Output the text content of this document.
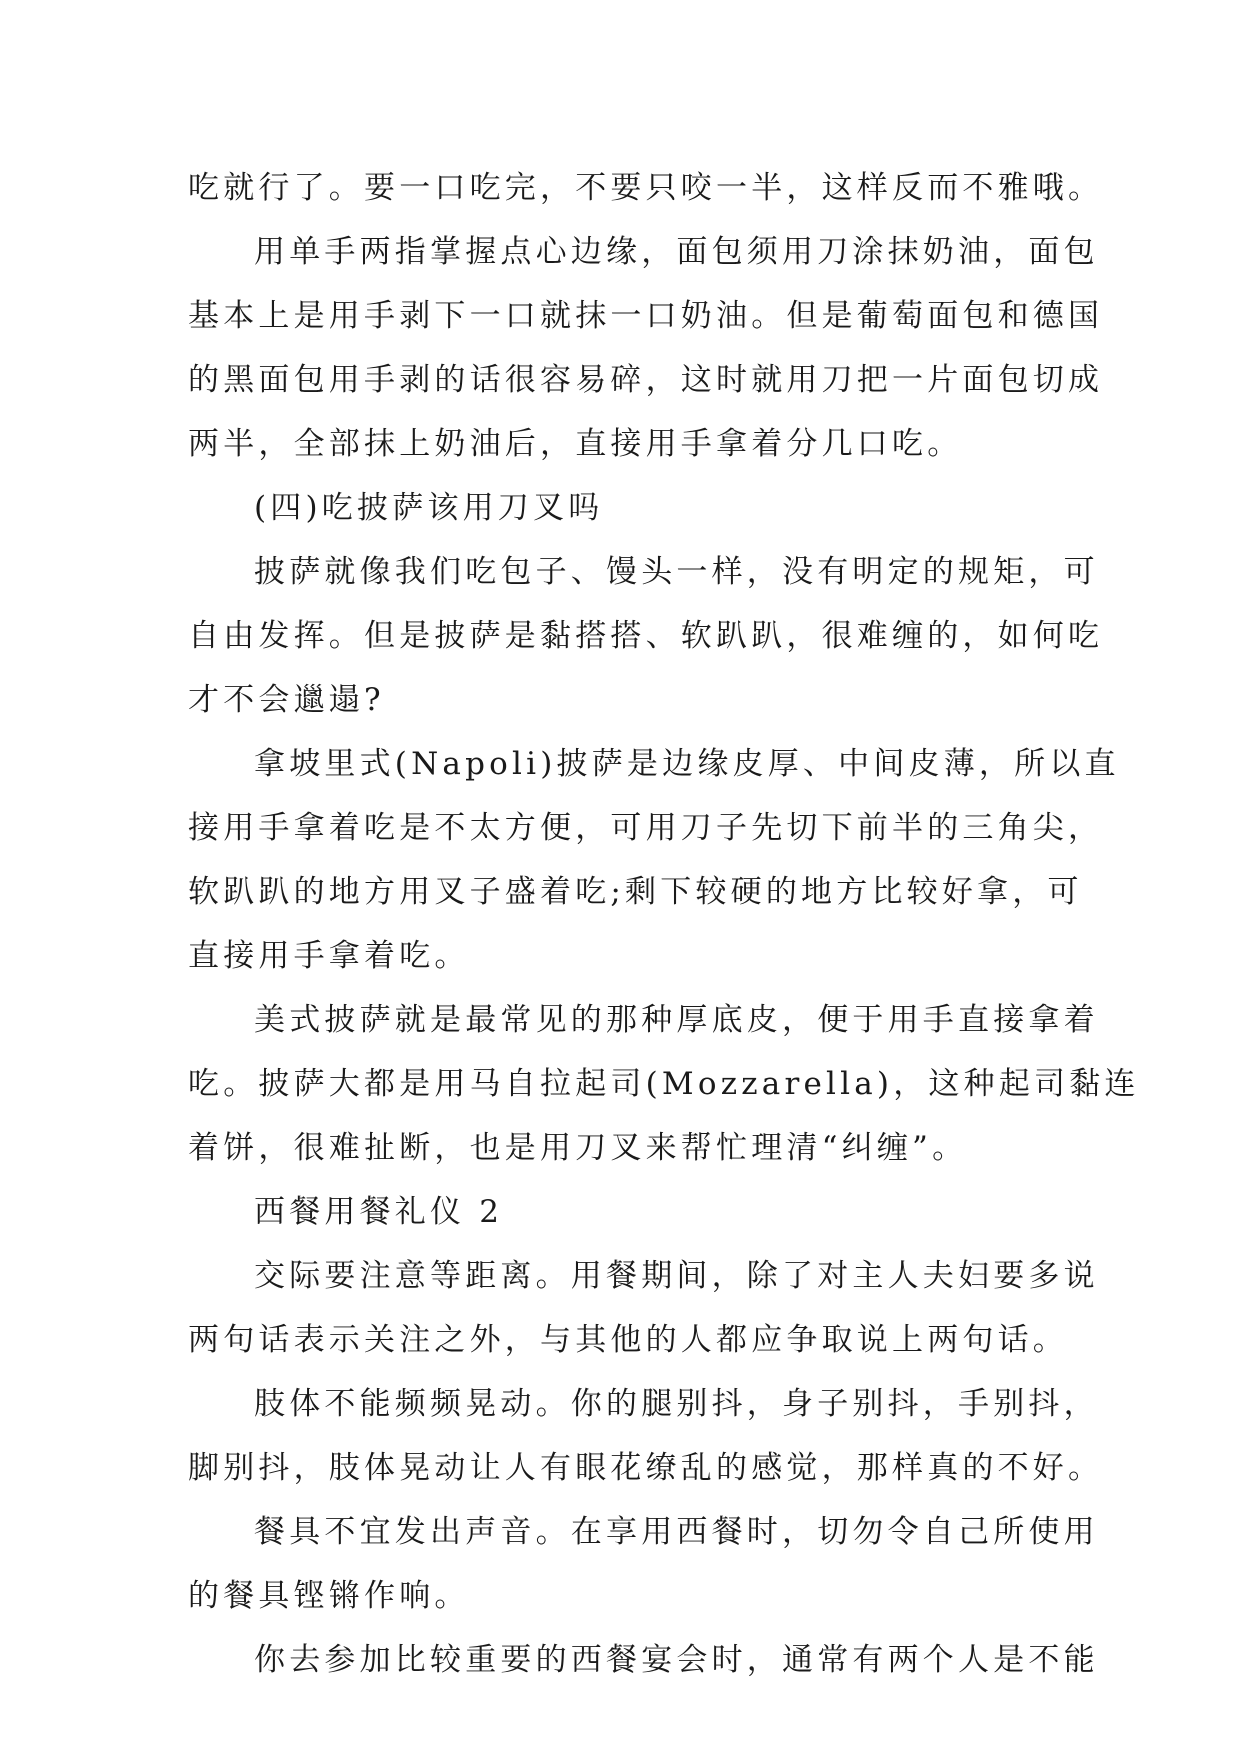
吃就行了。要一口吃完，不要只咬一半，这样反而不雅哦。
用单手两指掌握点心边缘，面包须用刀涂抹奶油，面包
基本上是用手剥下一口就抹一口奶油。但是葡萄面包和德国
的黑面包用手剥的话很容易碎，这时就用刀把一片面包切成
两半，全部抹上奶油后，直接用手拿着分几口吃。
(四)吃披萨该用刀叉吗
披萨就像我们吃包子、馒头一样，没有明定的规矩，可
自由发挥。但是披萨是黏搭搭、软趴趴，很难缠的，如何吃
才不会邋遢?
拿坡里式(Napoli)披萨是边缘皮厚、中间皮薄，所以直
接用手拿着吃是不太方便，可用刀子先切下前半的三角尖，
软趴趴的地方用叉子盛着吃;剩下较硬的地方比较好拿，可
直接用手拿着吃。
美式披萨就是最常见的那种厚底皮，便于用手直接拿着
吃。披萨大都是用马自拉起司(Mozzarella)，这种起司黏连
着饼，很难扯断，也是用刀叉来帮忙理清“纠缠”。
西餐用餐礼仪 2
交际要注意等距离。用餐期间，除了对主人夫妇要多说
两句话表示关注之外，与其他的人都应争取说上两句话。
肢体不能频频晃动。你的腿别抖，身子别抖，手别抖，
脚别抖，肢体晃动让人有眼花缭乱的感觉，那样真的不好。
餐具不宜发出声音。在享用西餐时，切勿令自己所使用
的餐具铿锵作响。
你去参加比较重要的西餐宴会时，通常有两个人是不能
